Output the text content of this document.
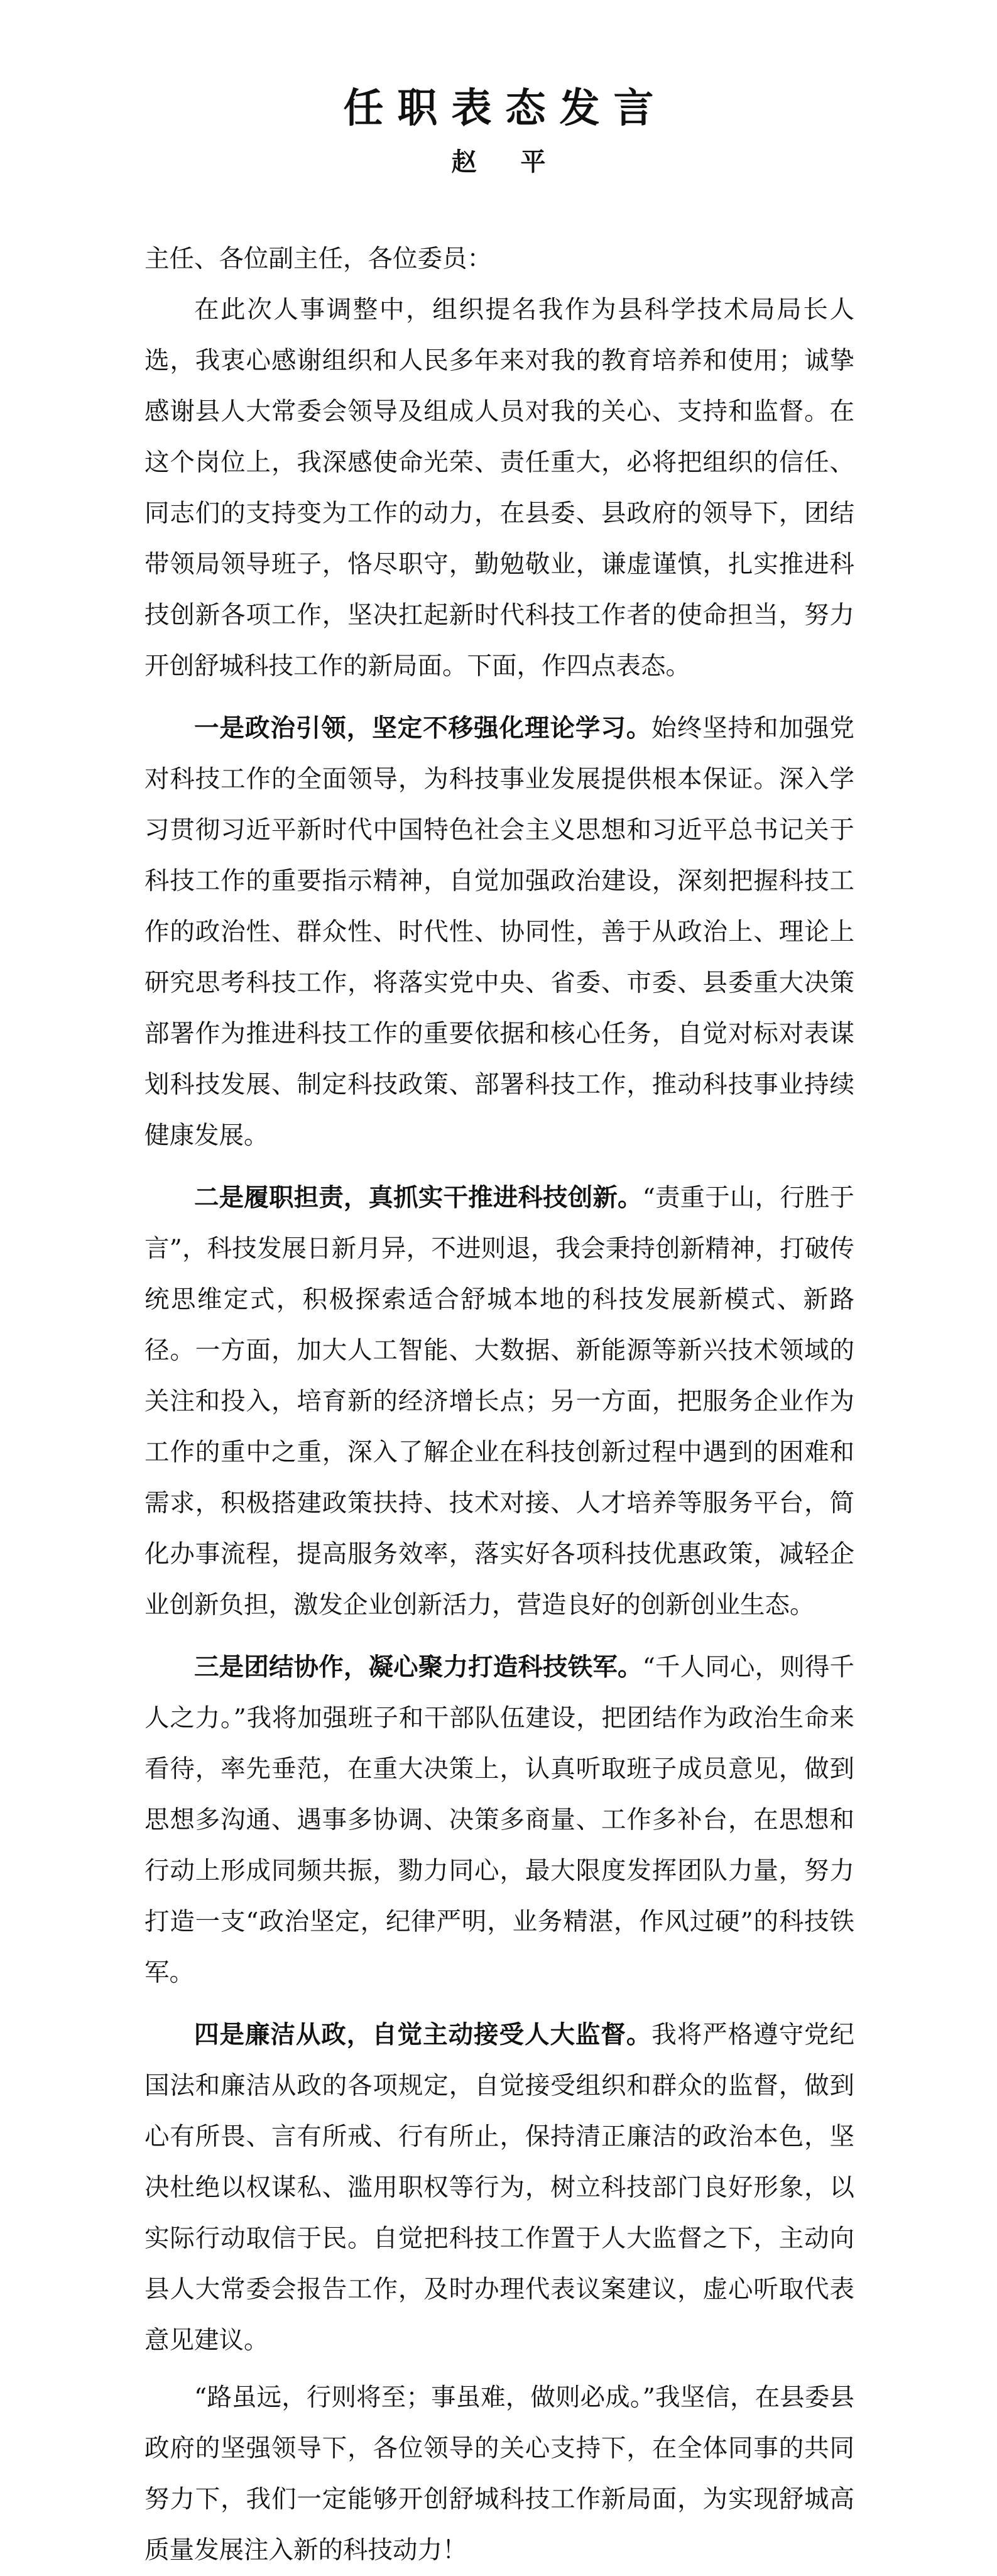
任职表态发言
赵 平

主任、各位副主任，各位委员：

在此次人事调整中，组织提名我作为县科学技术局局长人选，我衷心感谢组织和人民多年来对我的教育培养和使用；诚挚感谢县人大常委会领导及组成人员对我的关心、支持和监督。在这个岗位上，我深感使命光荣、责任重大，必将把组织的信任、同志们的支持变为工作的动力，在县委、县政府的领导下，团结带领局领导班子，恪尽职守，勤勉敬业，谦虚谨慎，扎实推进科技创新各项工作，坚决扛起新时代科技工作者的使命担当，努力开创舒城科技工作的新局面。下面，作四点表态。

一是政治引领，坚定不移强化理论学习。始终坚持和加强党对科技工作的全面领导，为科技事业发展提供根本保证。深入学习贯彻习近平新时代中国特色社会主义思想和习近平总书记关于科技工作的重要指示精神，自觉加强政治建设，深刻把握科技工作的政治性、群众性、时代性、协同性，善于从政治上、理论上研究思考科技工作，将落实党中央、省委、市委、县委重大决策部署作为推进科技工作的重要依据和核心任务，自觉对标对表谋划科技发展、制定科技政策、部署科技工作，推动科技事业持续健康发展。

二是履职担责，真抓实干推进科技创新。“责重于山，行胜于言”，科技发展日新月异，不进则退，我会秉持创新精神，打破传统思维定式，积极探索适合舒城本地的科技发展新模式、新路径。一方面，加大人工智能、大数据、新能源等新兴技术领域的关注和投入，培育新的经济增长点；另一方面，把服务企业作为工作的重中之重，深入了解企业在科技创新过程中遇到的困难和需求，积极搭建政策扶持、技术对接、人才培养等服务平台，简化办事流程，提高服务效率，落实好各项科技优惠政策，减轻企业创新负担，激发企业创新活力，营造良好的创新创业生态。

三是团结协作，凝心聚力打造科技铁军。“千人同心，则得千人之力。”我将加强班子和干部队伍建设，把团结作为政治生命来看待，率先垂范，在重大决策上，认真听取班子成员意见，做到思想多沟通、遇事多协调、决策多商量、工作多补台，在思想和行动上形成同频共振，勠力同心，最大限度发挥团队力量，努力打造一支“政治坚定，纪律严明，业务精湛，作风过硬”的科技铁军。

四是廉洁从政，自觉主动接受人大监督。我将严格遵守党纪国法和廉洁从政的各项规定，自觉接受组织和群众的监督，做到心有所畏、言有所戒、行有所止，保持清正廉洁的政治本色，坚决杜绝以权谋私、滥用职权等行为，树立科技部门良好形象，以实际行动取信于民。自觉把科技工作置于人大监督之下，主动向县人大常委会报告工作，及时办理代表议案建议，虚心听取代表意见建议。

“路虽远，行则将至；事虽难，做则必成。”我坚信，在县委县政府的坚强领导下，各位领导的关心支持下，在全体同事的共同努力下，我们一定能够开创舒城科技工作新局面，为实现舒城高质量发展注入新的科技动力！
